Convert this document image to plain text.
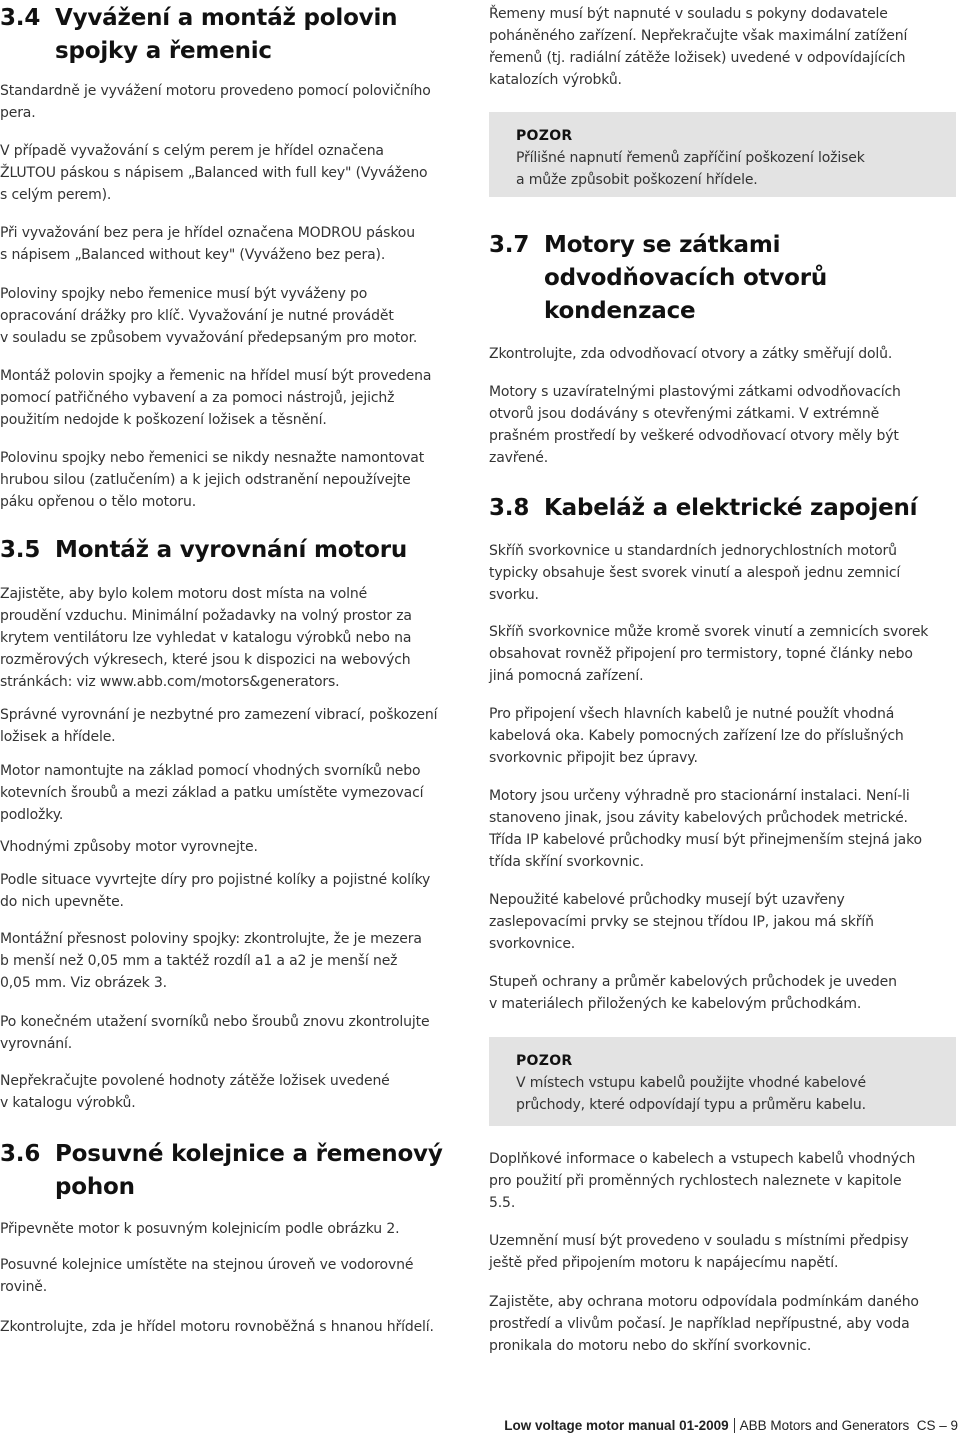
3.4 Vyvážení a montáž polovin spojky a řemenic

Standardně je vyvážení motoru provedeno pomocí polovičního
pera.

V případě vyvažování s celým perem je hřídel označena
ŽLUTOU páskou s nápisem „Balanced with full key" (Vyváženo
s celým perem).

Při vyvažování bez pera je hřídel označena MODROU páskou
s nápisem „Balanced without key" (Vyváženo bez pera).

Poloviny spojky nebo řemenice musí být vyváženy po
opracování drážky pro klíč. Vyvažování je nutné provádět
v souladu se způsobem vyvažování předepsaným pro motor.

Montáž polovin spojky a řemenic na hřídel musí být provedena
pomocí patřičného vybavení a za pomoci nástrojů, jejichž
použitím nedojde k poškození ložisek a těsnění.

Polovinu spojky nebo řemenici se nikdy nesnažte namontovat
hrubou silou (zatlučením) a k jejich odstranění nepoužívejte
páku opřenou o tělo motoru.

3.5 Montáž a vyrovnání motoru

Zajistěte, aby bylo kolem motoru dost místa na volné
proudění vzduchu. Minimální požadavky na volný prostor za
krytem ventilátoru lze vyhledat v katalogu výrobků nebo na
rozměrových výkresech, které jsou k dispozici na webových
stránkách: viz www.abb.com/motors&generators.

Správné vyrovnání je nezbytné pro zamezení vibrací, poškození
ložisek a hřídele.

Motor namontujte na základ pomocí vhodných svorníků nebo
kotevních šroubů a mezi základ a patku umístěte vymezovací
podložky.

Vhodnými způsoby motor vyrovnejte.

Podle situace vyvrtejte díry pro pojistné kolíky a pojistné kolíky
do nich upevněte.

Montážní přesnost poloviny spojky: zkontrolujte, že je mezera
b menší než 0,05 mm a taktéž rozdíl a1 a a2 je menší než
0,05 mm. Viz obrázek 3.

Po konečném utažení svorníků nebo šroubů znovu zkontrolujte
vyrovnání.

Nepřekračujte povolené hodnoty zátěže ložisek uvedené
v katalogu výrobků.

3.6 Posuvné kolejnice a řemenový pohon

Připevněte motor k posuvným kolejnicím podle obrázku 2.

Posuvné kolejnice umístěte na stejnou úroveň ve vodorovné
rovině.

Zkontrolujte, zda je hřídel motoru rovnoběžná s hnanou hřídelí.

Řemeny musí být napnuté v souladu s pokyny dodavatele
poháněného zařízení. Nepřekračujte však maximální zatížení
řemenů (tj. radiální zátěže ložisek) uvedené v odpovídajících
katalozích výrobků.

POZOR

Přílišné napnutí řemenů zapříčiní poškození ložisek
a může způsobit poškození hřídele.

3.7 Motory se zátkami odvodňovacích otvorů kondenzace

Zkontrolujte, zda odvodňovací otvory a zátky směřují dolů.

Motory s uzavíratelnými plastovými zátkami odvodňovacích
otvorů jsou dodávány s otevřenými zátkami. V extrémně
prašném prostředí by veškeré odvodňovací otvory měly být
zavřené.

3.8 Kabeláž a elektrické zapojení

Skříň svorkovnice u standardních jednorychlostních motorů
typicky obsahuje šest svorek vinutí a alespoň jednu zemnicí
svorku.

Skříň svorkovnice může kromě svorek vinutí a zemnicích svorek
obsahovat rovněž připojení pro termistory, topné články nebo
jiná pomocná zařízení.

Pro připojení všech hlavních kabelů je nutné použít vhodná
kabelová oka. Kabely pomocných zařízení lze do příslušných
svorkovnic připojit bez úpravy.

Motory jsou určeny výhradně pro stacionární instalaci. Není-li
stanoveno jinak, jsou závity kabelových průchodek metrické.
Třída IP kabelové průchodky musí být přinejmenším stejná jako
třída skříní svorkovnic.

Nepoužité kabelové průchodky musejí být uzavřeny
zaslepovacími prvky se stejnou třídou IP, jakou má skříň
svorkovnice.

Stupeň ochrany a průměr kabelových průchodek je uveden
v materiálech přiložených ke kabelovým průchodkám.

POZOR

V místech vstupu kabelů použijte vhodné kabelové
průchody, které odpovídají typu a průměru kabelu.

Doplňkové informace o kabelech a vstupech kabelů vhodných
pro použití při proměnných rychlostech naleznete v kapitole
5.5.

Uzemnění musí být provedeno v souladu s místními předpisy
ještě před připojením motoru k napájecímu napětí.

Zajistěte, aby ochrana motoru odpovídala podmínkám daného
prostředí a vlivům počasí. Je například nepřípustné, aby voda
pronikala do motoru nebo do skříní svorkovnic.

Low voltage motor manual 01-2009 ABB Motors and Generators CS – 9
